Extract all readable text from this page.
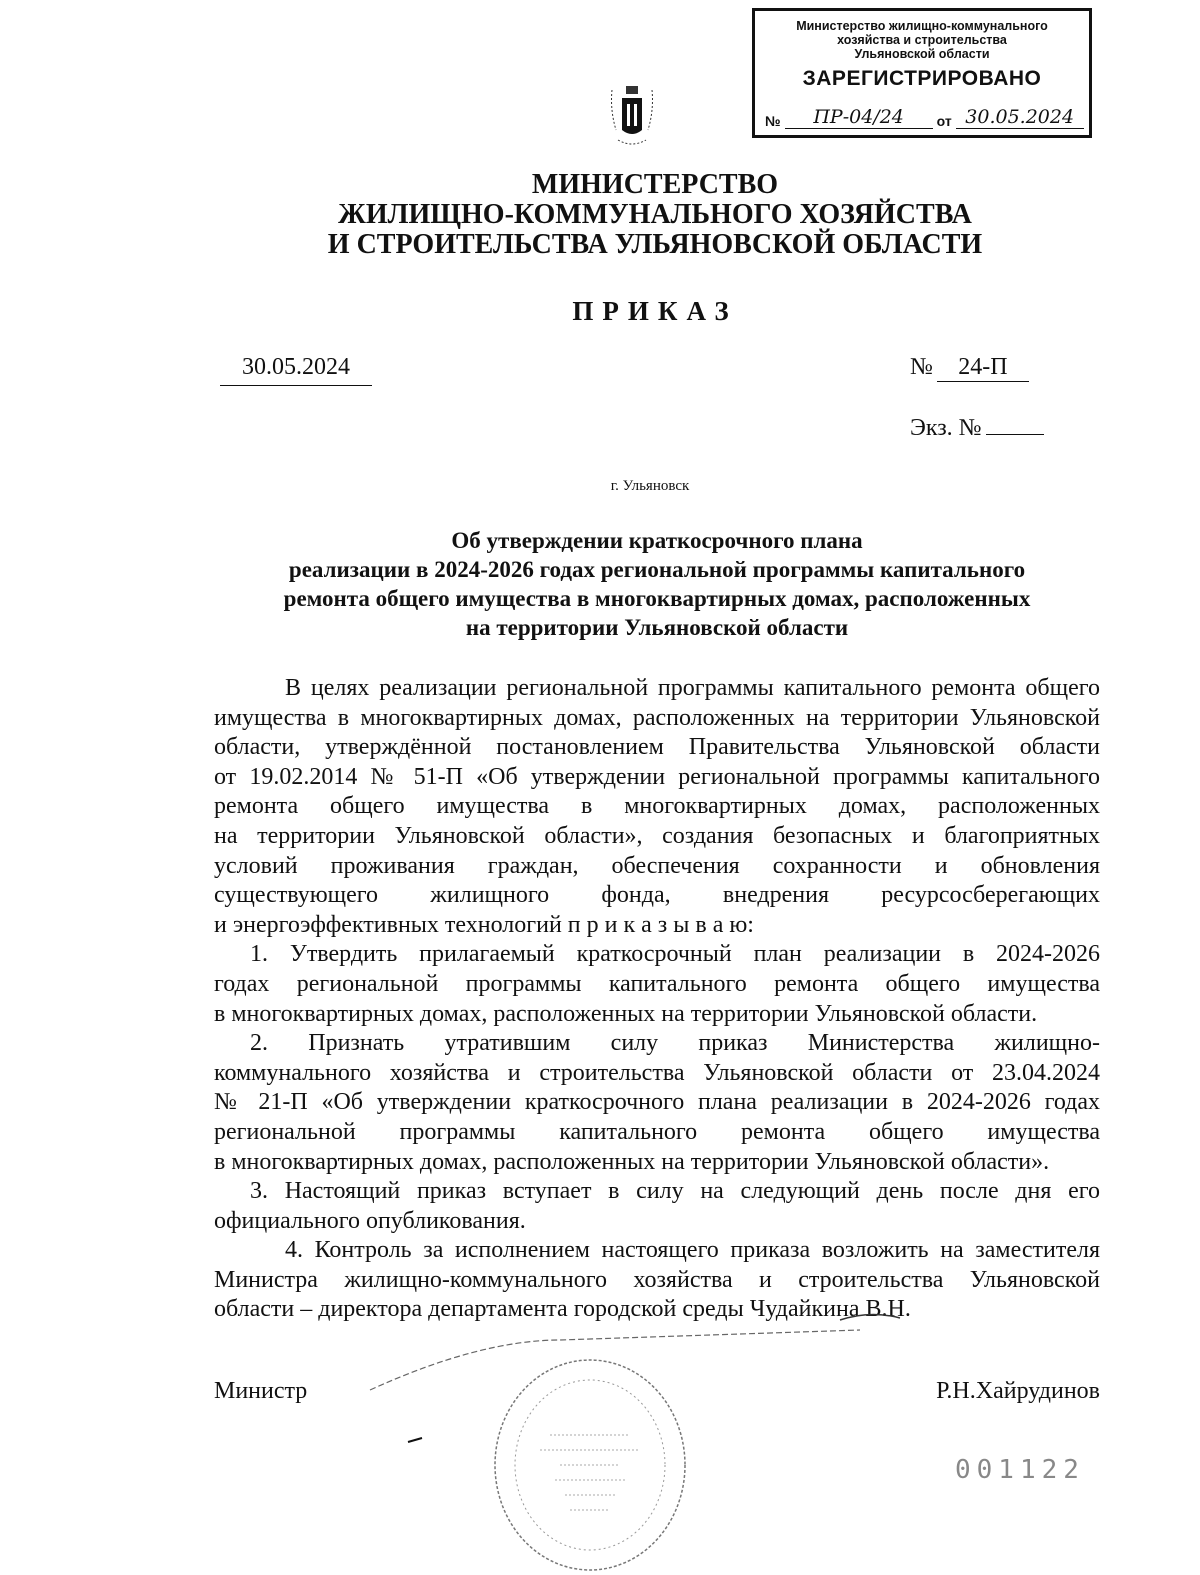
Министерство жилищно-коммунального
хозяйства и строительства
Ульяновской области
ЗАРЕГИСТРИРОВАНО
№	ПР-04/24	от 30.05.2024
МИНИСТЕРСТВО
ЖИЛИЩНО-КОММУНАЛЬНОГО ХОЗЯЙСТВА
И СТРОИТЕЛЬСТВА УЛЬЯНОВСКОЙ ОБЛАСТИ
ПРИКАЗ
30.05.2024	№ 24-П
Экз. №
г. Ульяновск
Об утверждении краткосрочного плана
реализации в 2024-2026 годах региональной программы капитального
ремонта общего имущества в многоквартирных домах, расположенных
на территории Ульяновской области
В целях реализации региональной программы капитального ремонта общего
имущества в многоквартирных домах, расположенных на территории Ульяновской
области, утверждённой постановлением Правительства Ульяновской области
от 19.02.2014 № 51-П «Об утверждении региональной программы капитального
ремонта общего имущества в многоквартирных домах, расположенных
на территории Ульяновской области», создания безопасных и благоприятных
условий проживания граждан, обеспечения сохранности и обновления
существующего жилищного фонда, внедрения ресурсосберегающих
и энергоэффективных технологий п р и к а з ы в а ю:
1. Утвердить прилагаемый краткосрочный план реализации в 2024-2026
годах региональной программы капитального ремонта общего имущества
в многоквартирных домах, расположенных на территории Ульяновской области.
2. Признать утратившим силу приказ Министерства жилищно-
коммунального хозяйства и строительства Ульяновской области от 23.04.2024
№ 21-П «Об утверждении краткосрочного плана реализации в 2024-2026 годах
региональной программы капитального ремонта общего имущества
в многоквартирных домах, расположенных на территории Ульяновской области».
3. Настоящий приказ вступает в силу на следующий день после дня его
официального опубликования.
4. Контроль за исполнением настоящего приказа возложить на заместителя
Министра жилищно-коммунального хозяйства и строительства Ульяновской
области – директора департамента городской среды Чудайкина В.Н.
Министр	Р.Н.Хайрудинов
001122
